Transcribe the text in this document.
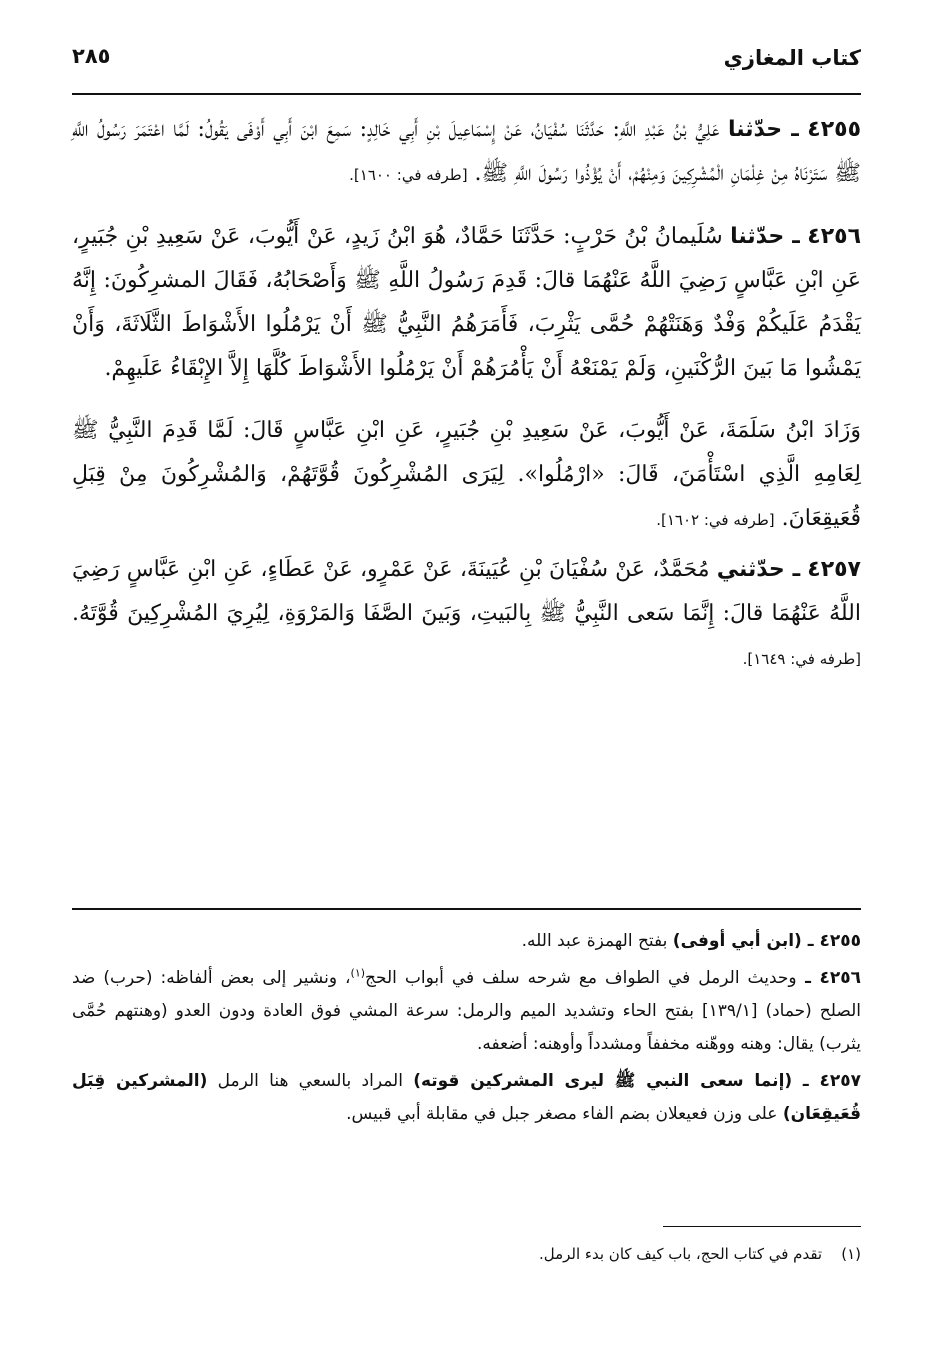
كتاب المغازي
٢٨٥

٤٢٥٥ ـ حدّثنا عَلِيُّ بْنُ عَبْدِ اللَّهِ: حَدَّثَنَا سُفْيَانُ، عَنْ إِسْمَاعِيلَ بْنِ أَبِي خَالِدٍ: سَمِعَ ابْنَ أَبِي أَوْفَى يَقُولُ: لَمَّا اعْتَمَرَ رَسُولُ اللَّهِ ﷺ سَتَرْنَاهُ مِنْ غِلْمَانِ الْمُشْرِكِينَ وَمِنْهُمْ، أَنْ يُؤْذُوا رَسُولَ اللَّهِ ﷺ. [طرفه في: ١٦٠٠].

٤٢٥٦ ـ حدّثنا سُلَيمانُ بْنُ حَرْبٍ: حَدَّثَنَا حَمَّادٌ، هُوَ ابْنُ زَيدٍ، عَنْ أَيُّوبَ، عَنْ سَعِيدِ بْنِ جُبَيرٍ، عَنِ ابْنِ عَبَّاسٍ رَضِيَ اللَّهُ عَنْهُمَا قالَ: قَدِمَ رَسُولُ اللَّهِ ﷺ وَأَصْحَابُهُ، فَقَالَ المشرِكُونَ: إِنَّهُ يَقْدَمُ عَلَيكُمْ وَفْدٌ وَهَنَتْهُمْ حُمَّى يَثْرِبَ، فَأَمَرَهُمُ النَّبِيُّ ﷺ أَنْ يَرْمُلُوا الأَشْوَاطَ الثَّلَاثَةَ، وَأَنْ يَمْشُوا مَا بَينَ الرُّكْنَينِ، وَلَمْ يَمْنَعْهُ أَنْ يَأْمُرَهُمْ أَنْ يَرْمُلُوا الأَشْوَاطَ كُلَّهَا إِلاَّ الإِبْقَاءُ عَلَيهِمْ.

وَزَادَ ابْنُ سَلَمَةَ، عَنْ أَيُّوبَ، عَنْ سَعِيدِ بْنِ جُبَيرٍ، عَنِ ابْنِ عَبَّاسٍ قَالَ: لَمَّا قَدِمَ النَّبِيُّ ﷺ لِعَامِهِ الَّذِي اسْتَأْمَنَ، قَالَ: «ارْمُلُوا». لِيَرَى المُشْرِكُونَ قُوَّتَهُمْ، وَالمُشْرِكُونَ مِنْ قِبَلِ قُعَيقِعَانَ. [طرفه في: ١٦٠٢].

٤٢٥٧ ـ حدّثني مُحَمَّدٌ، عَنْ سُفْيَانَ بْنِ عُيَينَةَ، عَنْ عَمْرٍو، عَنْ عَطَاءٍ، عَنِ ابْنِ عَبَّاسٍ رَضِيَ اللَّهُ عَنْهُمَا قالَ: إِنَّمَا سَعى النَّبِيُّ ﷺ بِالبَيتِ، وَبَينَ الصَّفَا وَالمَرْوَةِ، لِيُرِيَ المُشْرِكِينَ قُوَّتَهُ. [طرفه في: ١٦٤٩].

٤٢٥٥ ـ (ابن أبي أوفى) بفتح الهمزة عبد الله.

٤٢٥٦ ـ وحديث الرمل في الطواف مع شرحه سلف في أبواب الحج$^{(١)}$، ونشير إلى بعض ألفاظه: (حرب) ضد الصلح (حماد) [١٣٩/١] بفتح الحاء وتشديد الميم والرمل: سرعة المشي فوق العادة ودون العدو (وهنتهم حُمَّى يثرب) يقال: وهنه ووهّنه مخففاً ومشدداً وأوهنه: أضعفه.

٤٢٥٧ ـ (إنما سعى النبي ﷺ ليرى المشركين قوته) المراد بالسعي هنا الرمل (المشركين قِبَل قُعَيقِعَان) على وزن فعيعلان بضم الفاء مصغر جبل في مقابلة أبي قبيس.

(١)    تقدم في كتاب الحج، باب كيف كان بدء الرمل.
